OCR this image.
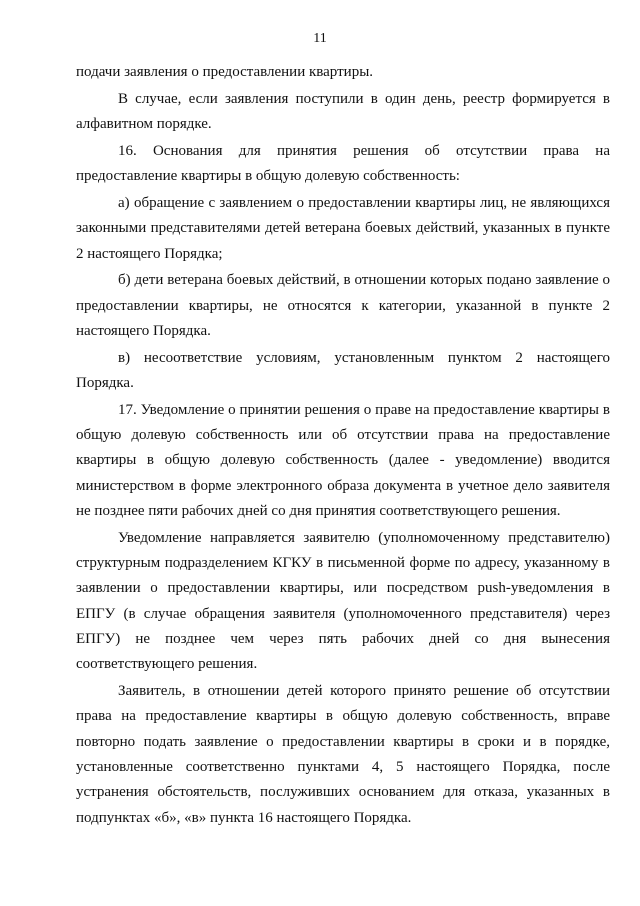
11

подачи заявления о предоставлении квартиры.

В случае, если заявления поступили в один день, реестр формируется в алфавитном порядке.

16. Основания для принятия решения об отсутствии права на предоставление квартиры в общую долевую собственность:

а) обращение с заявлением о предоставлении квартиры лиц, не являющихся законными представителями детей ветерана боевых действий, указанных в пункте 2 настоящего Порядка;

б) дети ветерана боевых действий, в отношении которых подано заявление о предоставлении квартиры, не относятся к категории, указанной в пункте 2 настоящего Порядка.

в) несоответствие условиям, установленным пунктом 2 настоящего Порядка.

17. Уведомление о принятии решения о праве на предоставление квартиры в общую долевую собственность или об отсутствии права на предоставление квартиры в общую долевую собственность (далее - уведомление) вводится министерством в форме электронного образа документа в учетное дело заявителя не позднее пяти рабочих дней со дня принятия соответствующего решения.

Уведомление направляется заявителю (уполномоченному представителю) структурным подразделением КГКУ в письменной форме по адресу, указанному в заявлении о предоставлении квартиры, или посредством push-уведомления в ЕПГУ (в случае обращения заявителя (уполномоченного представителя) через ЕПГУ) не позднее чем через пять рабочих дней со дня вынесения соответствующего решения.

Заявитель, в отношении детей которого принято решение об отсутствии права на предоставление квартиры в общую долевую собственность, вправе повторно подать заявление о предоставлении квартиры в сроки и в порядке, установленные соответственно пунктами 4, 5 настоящего Порядка, после устранения обстоятельств, послуживших основанием для отказа, указанных в подпунктах «б», «в» пункта 16 настоящего Порядка.
